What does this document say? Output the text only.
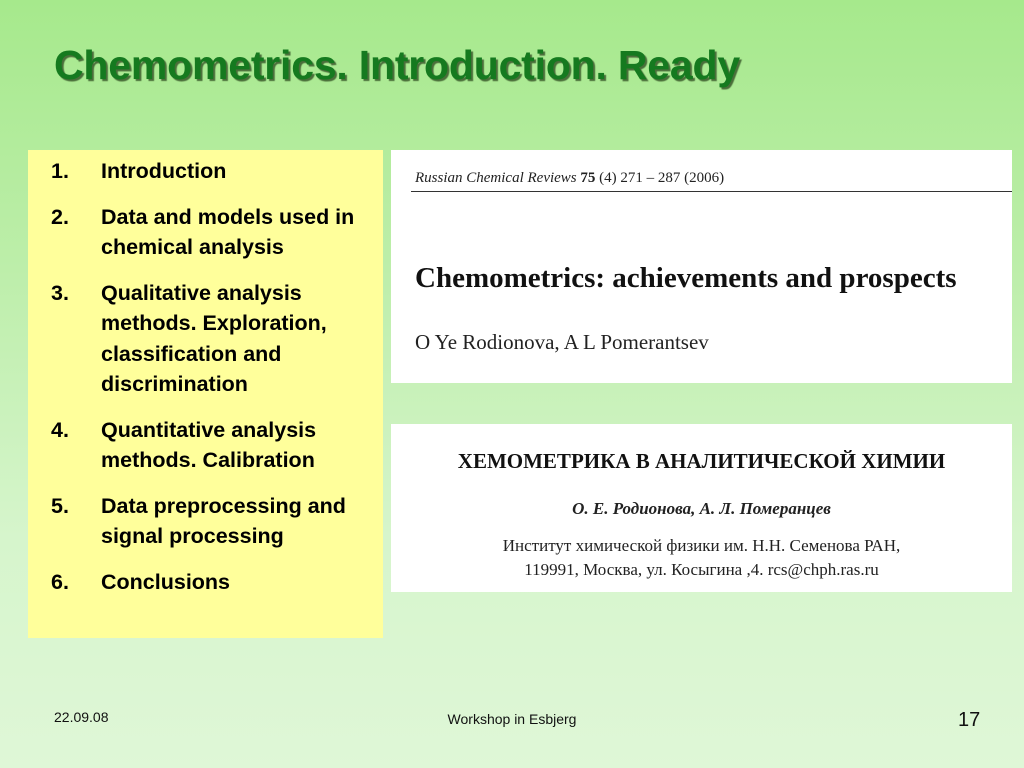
Chemometrics. Introduction. Ready
1. Introduction
2. Data and models used in chemical analysis
3. Qualitative analysis methods. Exploration, classification and discrimination
4. Quantitative analysis methods. Calibration
5. Data preprocessing and signal processing
6. Conclusions
Russian Chemical Reviews 75 (4) 271 – 287 (2006)
Chemometrics: achievements and prospects
O Ye Rodionova, A L Pomerantsev
ХЕМОМЕТРИКА В АНАЛИТИЧЕСКОЙ ХИМИИ
О. Е. Родионова, А. Л. Померанцев
Институт химической физики им. Н.Н. Семенова РАН,
119991, Москва, ул. Косыгина ,4. rcs@chph.ras.ru
22.09.08	Workshop in Esbjerg	17
